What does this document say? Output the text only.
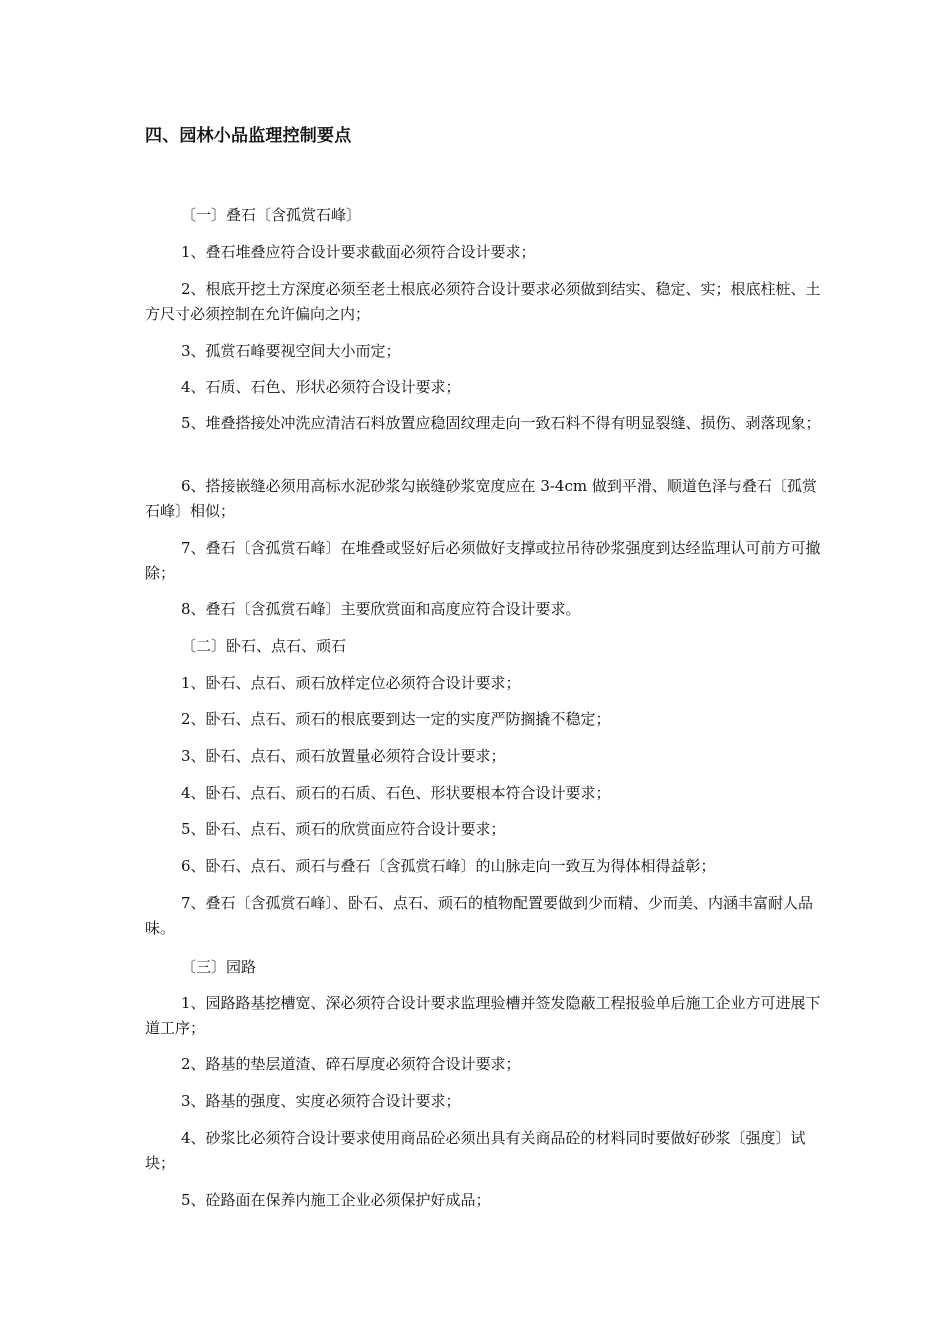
四、园林小品监理控制要点

〔一〕叠石〔含孤赏石峰〕

1、叠石堆叠应符合设计要求截面必须符合设计要求；

2、根底开挖土方深度必须至老土根底必须符合设计要求必须做到结实、稳定、实；根底柱桩、土方尺寸必须控制在允许偏向之内；

3、孤赏石峰要视空间大小而定；

4、石质、石色、形状必须符合设计要求；

5、堆叠搭接处冲洗应清洁石料放置应稳固纹理走向一致石料不得有明显裂缝、损伤、剥落现象；

6、搭接嵌缝必须用高标水泥砂浆勾嵌缝砂浆宽度应在 3-4cm 做到平滑、顺道色泽与叠石〔孤赏石峰〕相似；

7、叠石〔含孤赏石峰〕在堆叠或竖好后必须做好支撑或拉吊待砂浆强度到达经监理认可前方可撤除；

8、叠石〔含孤赏石峰〕主要欣赏面和高度应符合设计要求。

〔二〕卧石、点石、顽石

1、卧石、点石、顽石放样定位必须符合设计要求；

2、卧石、点石、顽石的根底要到达一定的实度严防搁撬不稳定；

3、卧石、点石、顽石放置量必须符合设计要求；

4、卧石、点石、顽石的石质、石色、形状要根本符合设计要求；

5、卧石、点石、顽石的欣赏面应符合设计要求；

6、卧石、点石、顽石与叠石〔含孤赏石峰〕的山脉走向一致互为得体相得益彰；

7、叠石〔含孤赏石峰〕、卧石、点石、顽石的植物配置要做到少而精、少而美、内涵丰富耐人品味。

〔三〕园路

1、园路路基挖槽宽、深必须符合设计要求监理验槽并签发隐蔽工程报验单后施工企业方可进展下道工序；

2、路基的垫层道渣、碎石厚度必须符合设计要求；

3、路基的强度、实度必须符合设计要求；

4、砂浆比必须符合设计要求使用商品砼必须出具有关商品砼的材料同时要做好砂浆〔强度〕试块；

5、砼路面在保养内施工企业必须保护好成品；
